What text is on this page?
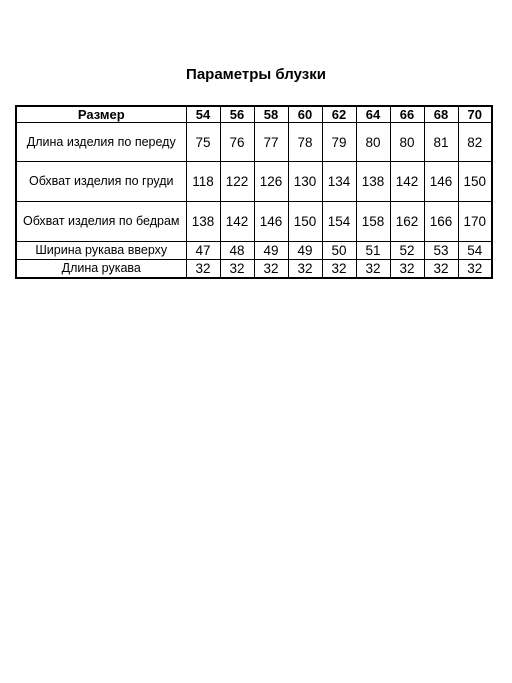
Параметры блузки
Размер	54	56	58	60	62	64	66	68	70
Длина изделия по переду	75	76	77	78	79	80	80	81	82
Обхват изделия по груди	118	122	126	130	134	138	142	146	150
Обхват изделия по бедрам	138	142	146	150	154	158	162	166	170
Ширина рукава вверху	47	48	49	49	50	51	52	53	54
Длина рукава	32	32	32	32	32	32	32	32	32
